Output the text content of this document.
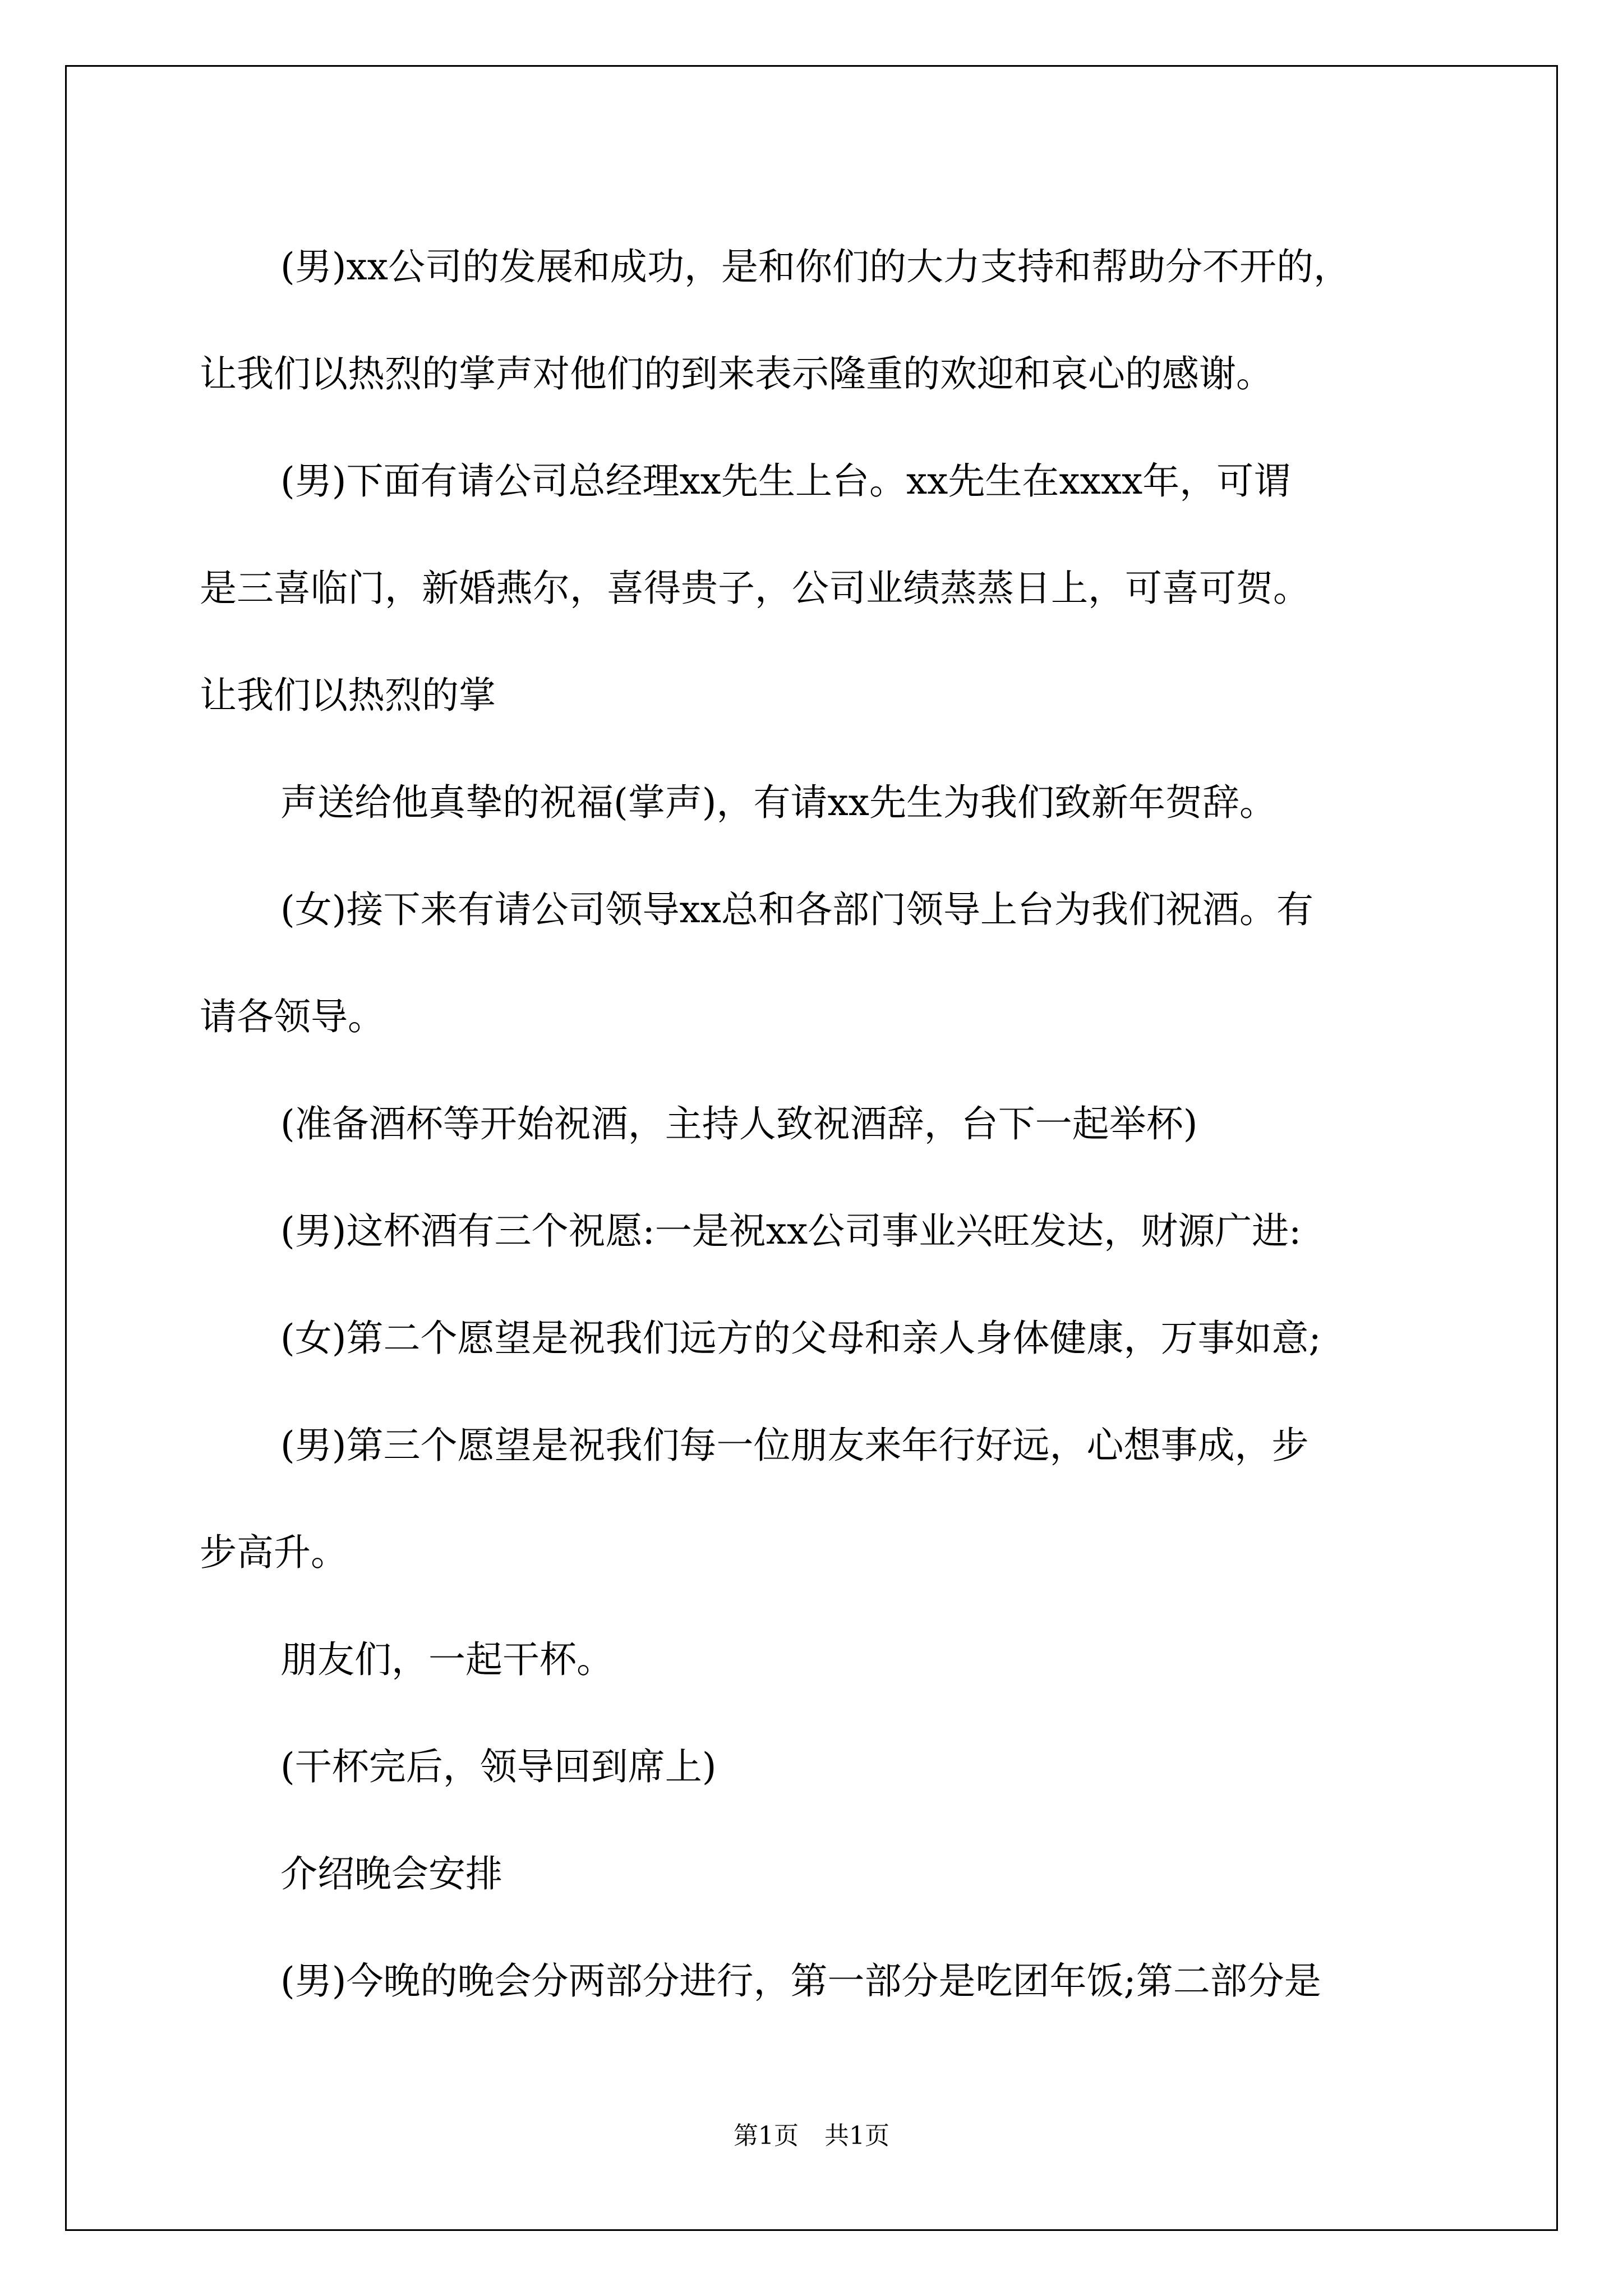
(男)xx公司的发展和成功，是和你们的大力支持和帮助分不开的，

让我们以热烈的掌声对他们的到来表示隆重的欢迎和哀心的感谢。

(男)下面有请公司总经理xx先生上台。xx先生在xxxx年，可谓

是三喜临门，新婚燕尔，喜得贵子，公司业绩蒸蒸日上，可喜可贺。

让我们以热烈的掌

声送给他真挚的祝福(掌声)，有请xx先生为我们致新年贺辞。

(女)接下来有请公司领导xx总和各部门领导上台为我们祝酒。有

请各领导。

(准备酒杯等开始祝酒，主持人致祝酒辞，台下一起举杯)

(男)这杯酒有三个祝愿:一是祝xx公司事业兴旺发达，财源广进:

(女)第二个愿望是祝我们远方的父母和亲人身体健康，万事如意;

(男)第三个愿望是祝我们每一位朋友来年行好远，心想事成，步

步高升。

朋友们，一起干杯。

(干杯完后，领导回到席上)

介绍晚会安排

(男)今晚的晚会分两部分进行，第一部分是吃团年饭;第二部分是

第1页 共1页
